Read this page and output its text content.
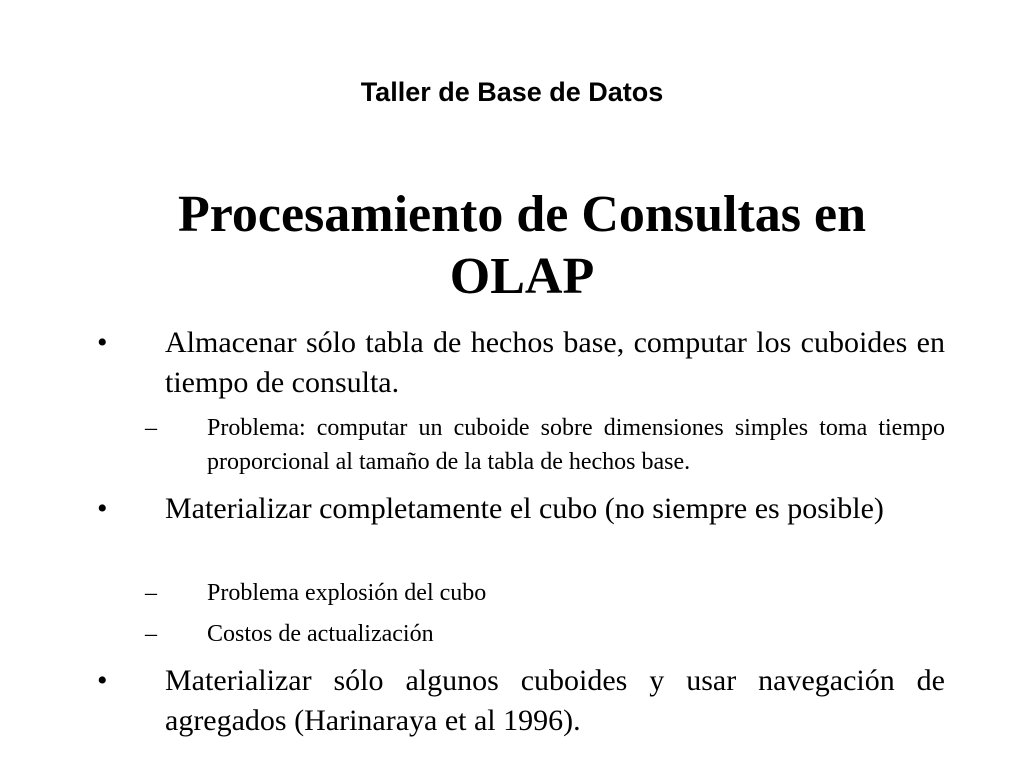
Taller de Base de Datos
Procesamiento de Consultas en OLAP
• Almacenar sólo tabla de hechos base, computar los cuboides en tiempo de consulta.
– Problema: computar un cuboide sobre dimensiones simples toma tiempo proporcional al tamaño de la tabla de hechos base.
• Materializar completamente el cubo (no siempre es posible)
– Problema explosión del cubo
– Costos de actualización
• Materializar sólo algunos cuboides y usar navegación de agregados (Harinaraya et al 1996).
